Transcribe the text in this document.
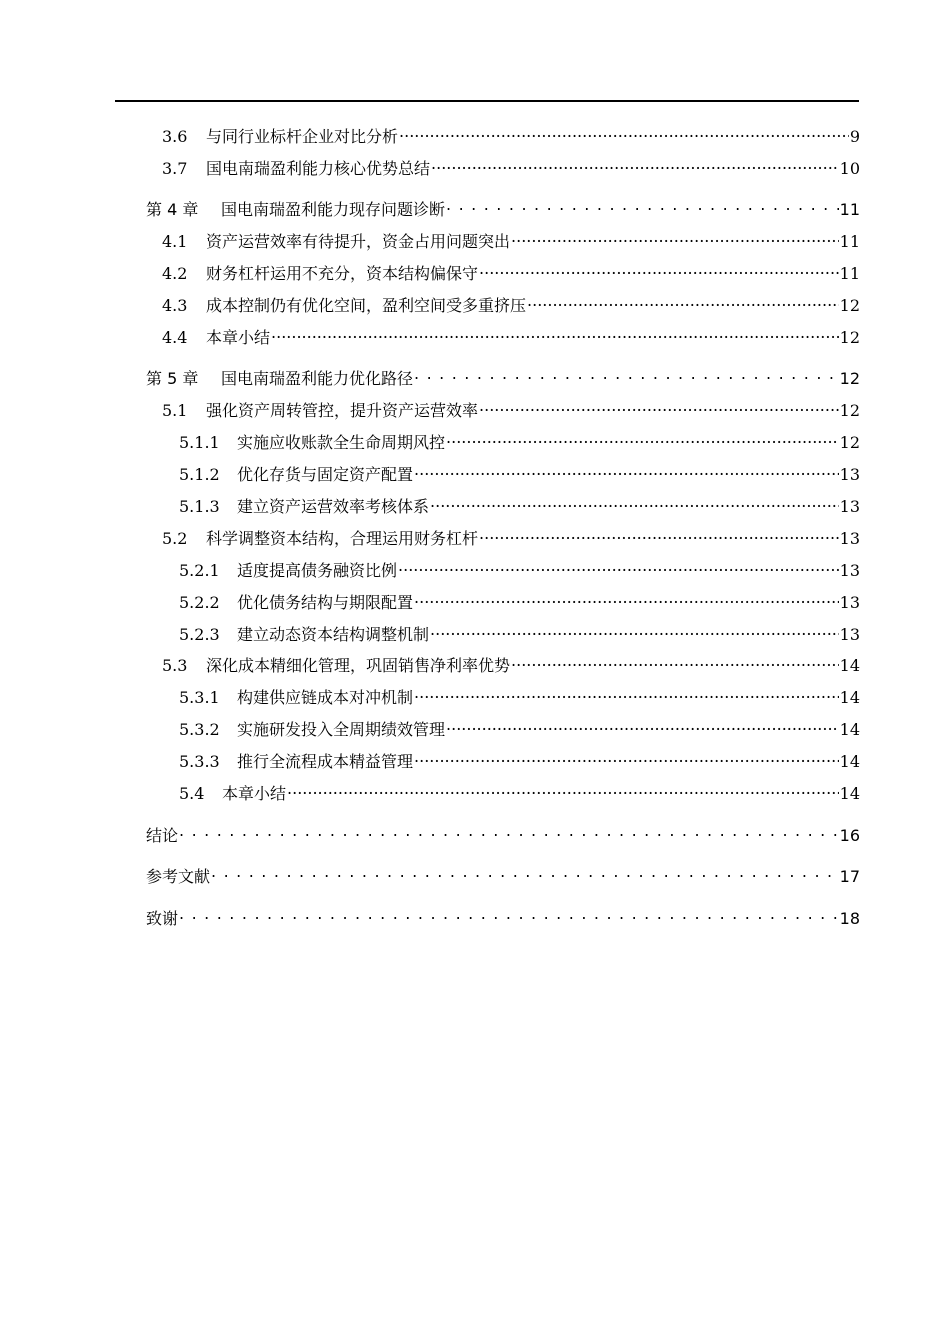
3.6	与同行业标杆企业对比分析 .....	9
3.7	国电南瑞盈利能力核心优势总结 .....	10
第 4 章	国电南瑞盈利能力现存问题诊断 . . .	11
4.1	资产运营效率有待提升，资金占用问题突出 .....	11
4.2	财务杠杆运用不充分，资本结构偏保守 .....	11
4.3	成本控制仍有优化空间，盈利空间受多重挤压 .....	12
4.4	本章小结 .....	12
第 5 章	国电南瑞盈利能力优化路径 . . .	12
5.1	强化资产周转管控，提升资产运营效率 .....	12
5.1.1	实施应收账款全生命周期风控 .....	12
5.1.2	优化存货与固定资产配置 .....	13
5.1.3	建立资产运营效率考核体系 .....	13
5.2	科学调整资本结构，合理运用财务杠杆 .....	13
5.2.1	适度提高债务融资比例 .....	13
5.2.2	优化债务结构与期限配置 .....	13
5.2.3	建立动态资本结构调整机制 .....	13
5.3	深化成本精细化管理，巩固销售净利率优势 .....	14
5.3.1	构建供应链成本对冲机制 .....	14
5.3.2	实施研发投入全周期绩效管理 .....	14
5.3.3	推行全流程成本精益管理 .....	14
5.4	本章小结 .....	14
结论 . . .	16
参考文献 . . .	17
致谢 . . .	18
